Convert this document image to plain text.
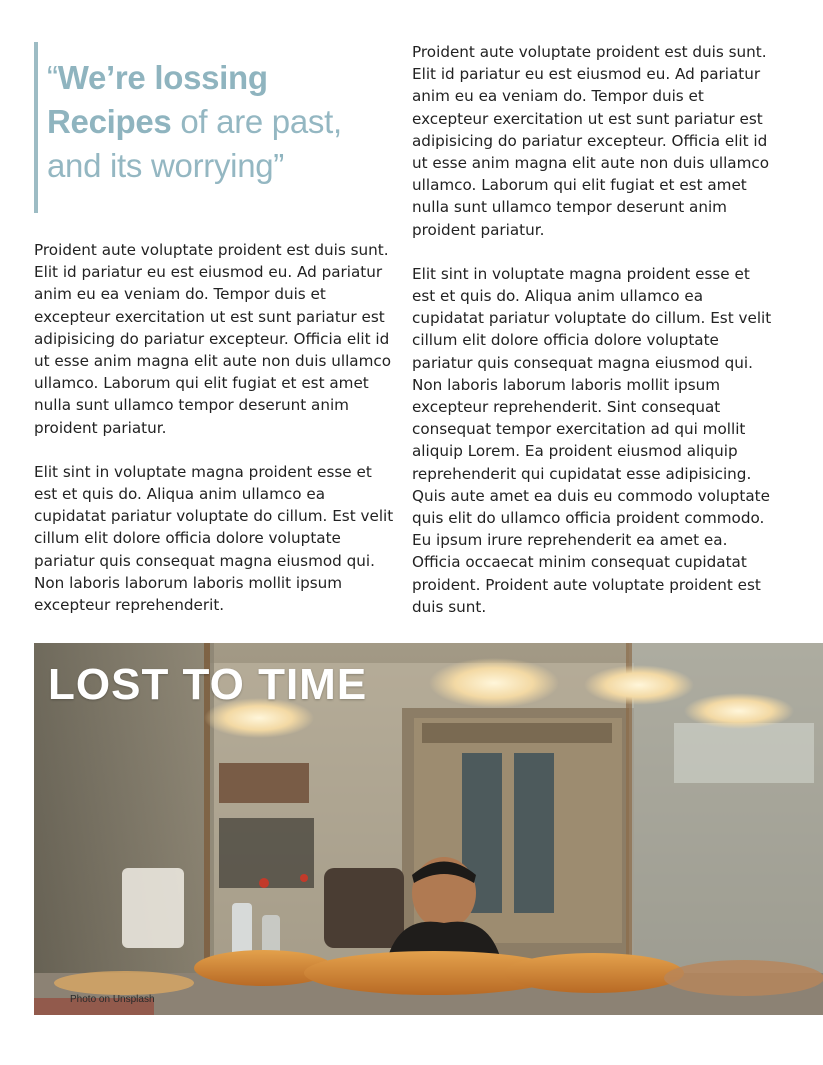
“We’re lossing
Recipes of are past,
and its worrying”

Proident aute voluptate proident est duis sunt. Elit id pariatur eu est eiusmod eu. Ad pariatur anim eu ea veniam do. Tempor duis et excepteur exercitation ut est sunt pariatur est adipisicing do pariatur excepteur. Officia elit id ut esse anim magna elit aute non duis ullamco ullamco. Laborum qui elit fugiat et est amet nulla sunt ullamco tempor deserunt anim proident pariatur.

Elit sint in voluptate magna proident esse et est et quis do. Aliqua anim ullamco ea cupidatat pariatur voluptate do cillum. Est velit cillum elit dolore officia dolore voluptate pariatur quis consequat magna eiusmod qui. Non laboris laborum laboris mollit ipsum excepteur reprehenderit.

Proident aute voluptate proident est duis sunt. Elit id pariatur eu est eiusmod eu. Ad pariatur anim eu ea veniam do. Tempor duis et excepteur exercitation ut est sunt pariatur est adipisicing do pariatur excepteur. Officia elit id ut esse anim magna elit aute non duis ullamco ullamco. Laborum qui elit fugiat et est amet nulla sunt ullamco tempor deserunt anim proident pariatur.

Elit sint in voluptate magna proident esse et est et quis do. Aliqua anim ullamco ea cupidatat pariatur voluptate do cillum. Est velit cillum elit dolore officia dolore voluptate pariatur quis consequat magna eiusmod qui. Non laboris laborum laboris mollit ipsum excepteur reprehenderit. Sint consequat consequat tempor exercitation ad qui mollit aliquip Lorem. Ea proident eiusmod aliquip reprehenderit qui cupidatat esse adipisicing. Quis aute amet ea duis eu commodo voluptate quis elit do ullamco officia proident commodo. Eu ipsum irure reprehenderit ea amet ea. Officia occaecat minim consequat cupidatat proident. Proident aute voluptate proident est duis sunt.

LOST TO TIME
Photo on Unsplash
